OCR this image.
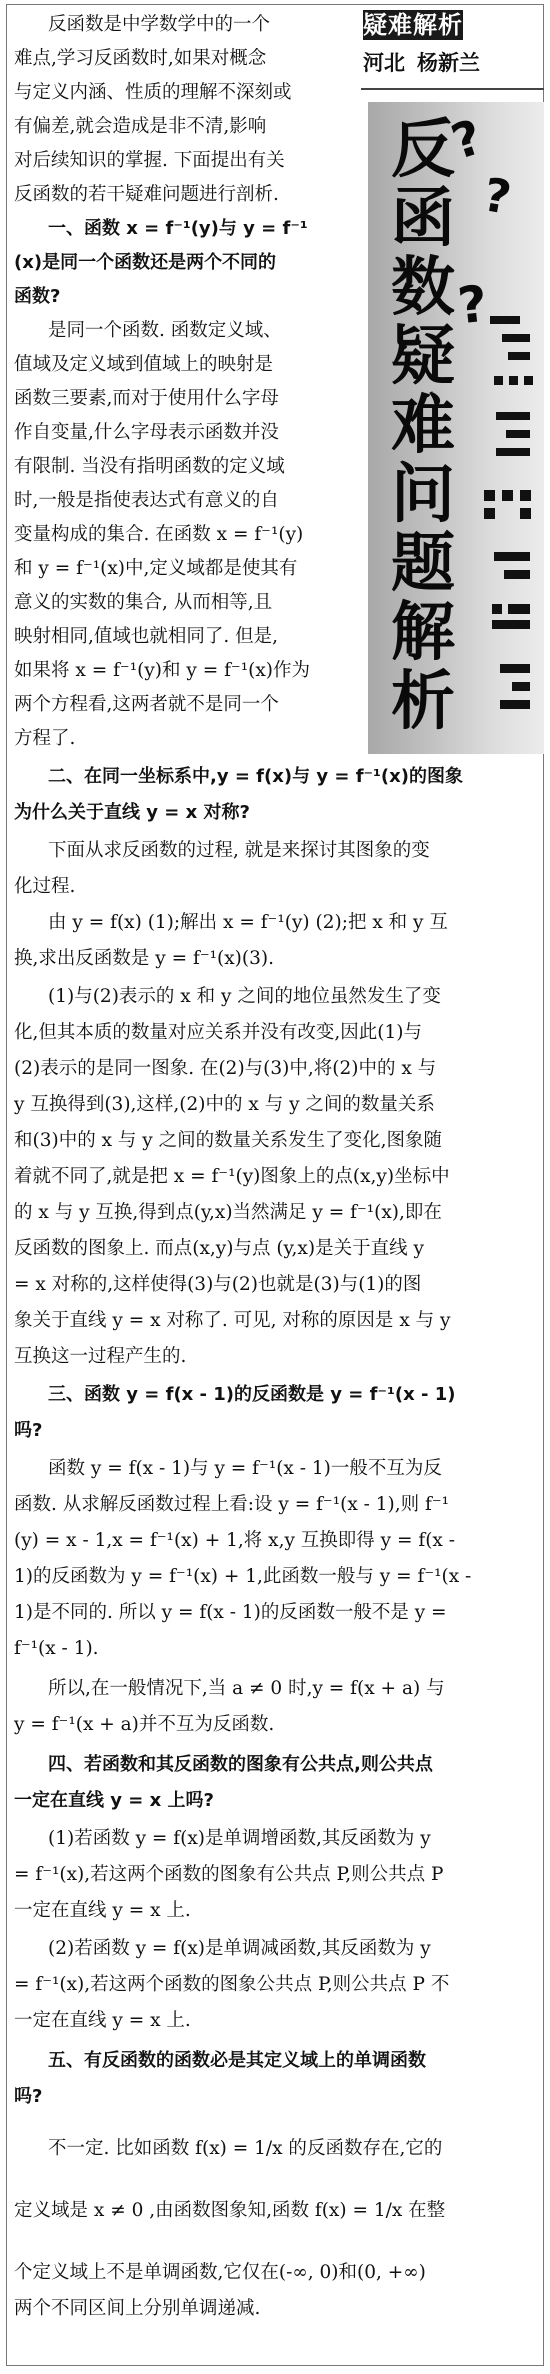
疑难解析
河北 杨新兰
反
函
数
疑
难
问
题
解
析
?
?
?
反函数是中学数学中的一个
难点,学习反函数时,如果对概念
与定义内涵、性质的理解不深刻或
有偏差,就会造成是非不清,影响
对后续知识的掌握. 下面提出有关
反函数的若干疑难问题进行剖析.
一、函数 x = f⁻¹(y)与 y = f⁻¹
(x)是同一个函数还是两个不同的
函数?
是同一个函数. 函数定义域、
值域及定义域到值域上的映射是
函数三要素,而对于使用什么字母
作自变量,什么字母表示函数并没
有限制. 当没有指明函数的定义域
时,一般是指使表达式有意义的自
变量构成的集合. 在函数 x = f⁻¹(y)
和 y = f⁻¹(x)中,定义域都是使其有
意义的实数的集合, 从而相等,且
映射相同,值域也就相同了. 但是,
如果将 x = f⁻¹(y)和 y = f⁻¹(x)作为
两个方程看,这两者就不是同一个
方程了.
二、在同一坐标系中,y = f(x)与 y = f⁻¹(x)的图象
为什么关于直线 y = x 对称?
下面从求反函数的过程, 就是来探讨其图象的变
化过程.
由 y = f(x) (1);解出 x = f⁻¹(y) (2);把 x 和 y 互
换,求出反函数是 y = f⁻¹(x)(3).
(1)与(2)表示的 x 和 y 之间的地位虽然发生了变
化,但其本质的数量对应关系并没有改变,因此(1)与
(2)表示的是同一图象. 在(2)与(3)中,将(2)中的 x 与
y 互换得到(3),这样,(2)中的 x 与 y 之间的数量关系
和(3)中的 x 与 y 之间的数量关系发生了变化,图象随
着就不同了,就是把 x = f⁻¹(y)图象上的点(x,y)坐标中
的 x 与 y 互换,得到点(y,x)当然满足 y = f⁻¹(x),即在
反函数的图象上. 而点(x,y)与点 (y,x)是关于直线 y
= x 对称的,这样使得(3)与(2)也就是(3)与(1)的图
象关于直线 y = x 对称了. 可见, 对称的原因是 x 与 y
互换这一过程产生的.
三、函数 y = f(x - 1)的反函数是 y = f⁻¹(x - 1)
吗?
函数 y = f(x - 1)与 y = f⁻¹(x - 1)一般不互为反
函数. 从求解反函数过程上看:设 y = f⁻¹(x - 1),则 f⁻¹
(y) = x - 1,x = f⁻¹(x) + 1,将 x,y 互换即得 y = f(x -
1)的反函数为 y = f⁻¹(x) + 1,此函数一般与 y = f⁻¹(x -
1)是不同的. 所以 y = f(x - 1)的反函数一般不是 y =
f⁻¹(x - 1).
所以,在一般情况下,当 a ≠ 0 时,y = f(x + a) 与
y = f⁻¹(x + a)并不互为反函数.
四、若函数和其反函数的图象有公共点,则公共点
一定在直线 y = x 上吗?
(1)若函数 y = f(x)是单调增函数,其反函数为 y
= f⁻¹(x),若这两个函数的图象有公共点 P,则公共点 P
一定在直线 y = x 上.
(2)若函数 y = f(x)是单调减函数,其反函数为 y
= f⁻¹(x),若这两个函数的图象公共点 P,则公共点 P 不
一定在直线 y = x 上.
五、有反函数的函数必是其定义域上的单调函数
吗?
不一定. 比如函数 f(x) = 1/x 的反函数存在,它的
定义域是 x ≠ 0 ,由函数图象知,函数 f(x) = 1/x 在整
个定义域上不是单调函数,它仅在(-∞, 0)和(0, +∞)
两个不同区间上分别单调递减.
